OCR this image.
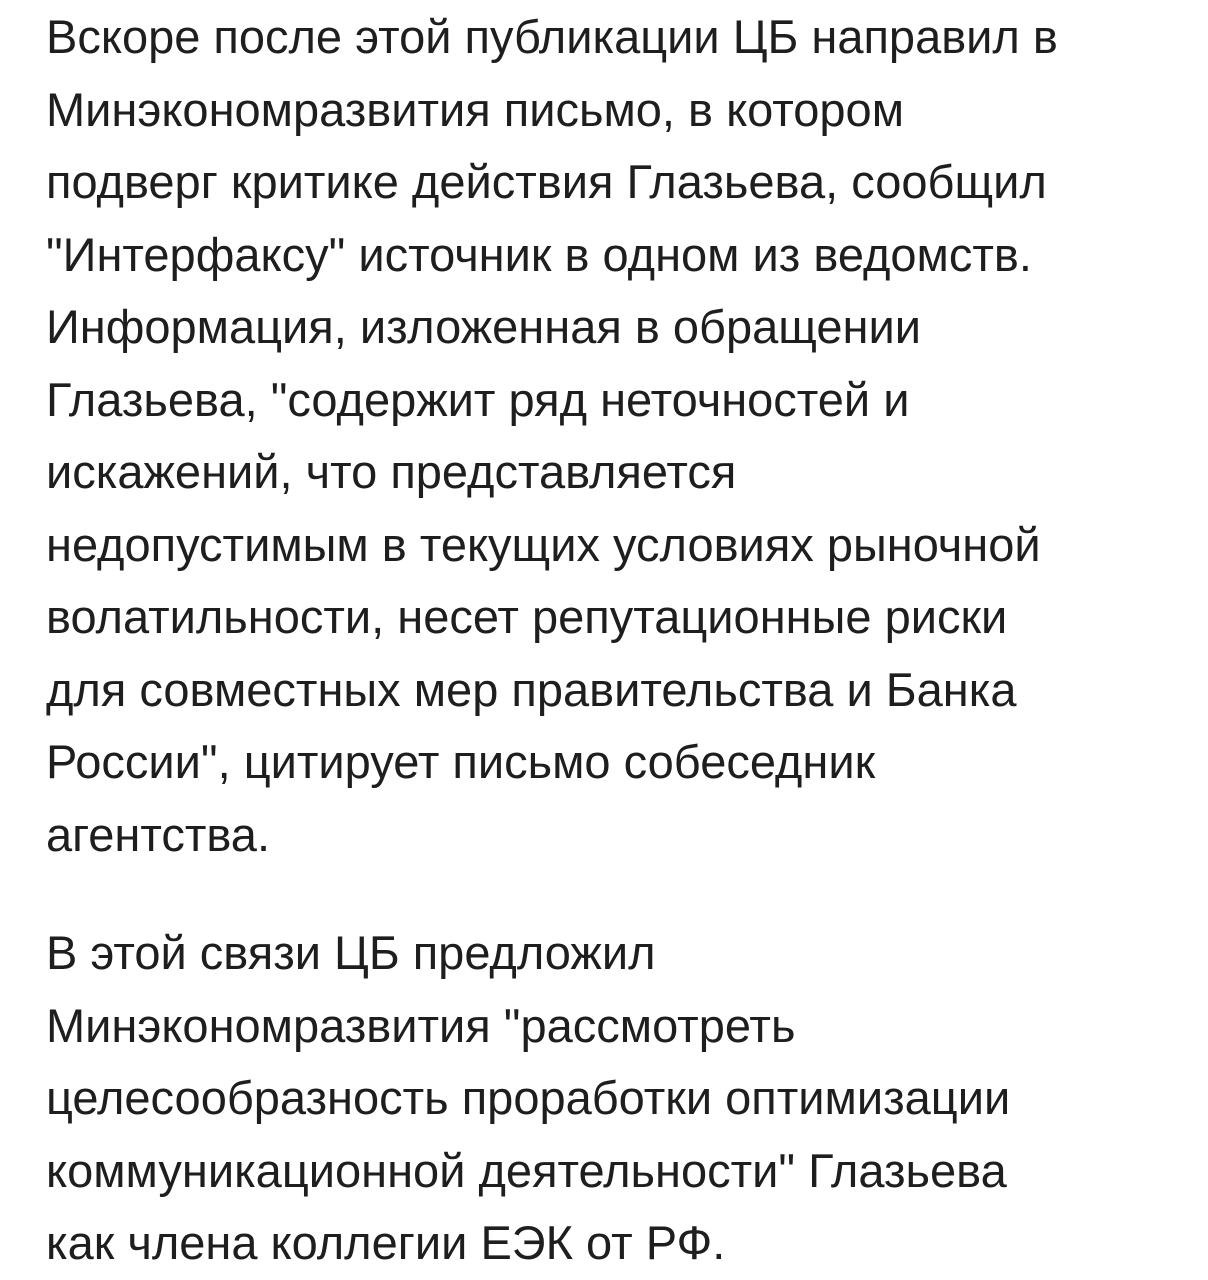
Вскоре после этой публикации ЦБ направил в
Минэкономразвития письмо, в котором
подверг критике действия Глазьева, сообщил
"Интерфаксу" источник в одном из ведомств.
Информация, изложенная в обращении
Глазьева, "содержит ряд неточностей и
искажений, что представляется
недопустимым в текущих условиях рыночной
волатильности, несет репутационные риски
для совместных мер правительства и Банка
России", цитирует письмо собеседник
агентства.
В этой связи ЦБ предложил
Минэкономразвития "рассмотреть
целесообразность проработки оптимизации
коммуникационной деятельности" Глазьева
как члена коллегии ЕЭК от РФ.
